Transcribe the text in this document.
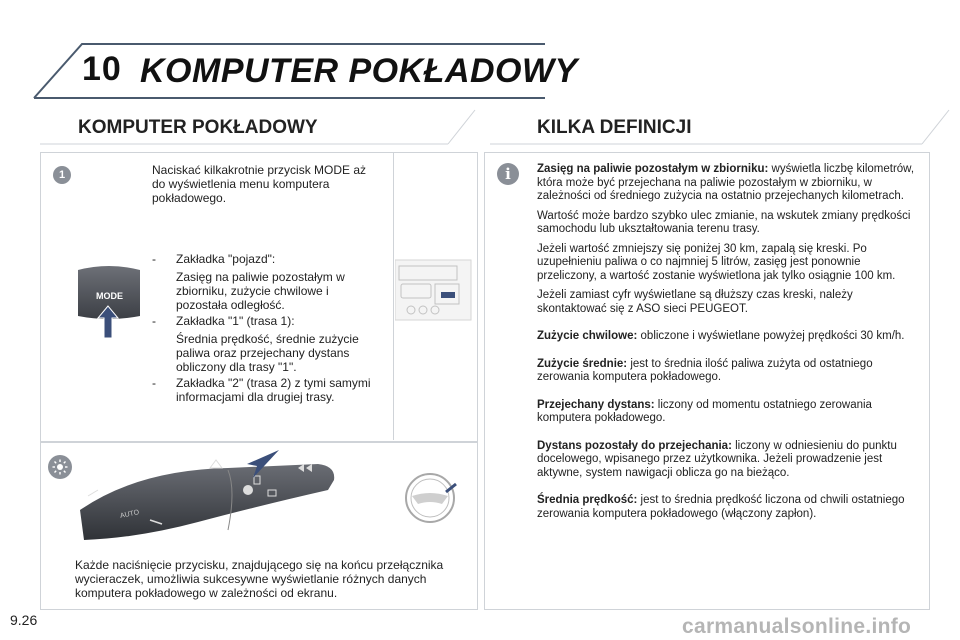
10 KOMPUTER POKŁADOWY
KOMPUTER POKŁADOWY	KILKA DEFINICJI
1	Naciskać kilkakrotnie przycisk MODE aż do wyświetlenia menu komputera pokładowego.
-	Zakładka "pojazd":
Zasięg na paliwie pozostałym w zbiorniku, zużycie chwilowe i pozostała odległość.
-	Zakładka "1" (trasa 1):
Średnia prędkość, średnie zużycie paliwa oraz przejechany dystans obliczony dla trasy "1".
-	Zakładka "2" (trasa 2) z tymi samymi informacjami dla drugiej trasy.
MODE
AUTO
Każde naciśnięcie przycisku, znajdującego się na końcu przełącznika wycieraczek, umożliwia sukcesywne wyświetlanie różnych danych komputera pokładowego w zależności od ekranu.
i	Zasięg na paliwie pozostałym w zbiorniku: wyświetla liczbę kilometrów, która może być przejechana na paliwie pozostałym w zbiorniku, w zależności od średniego zużycia na ostatnio przejechanych kilometrach.

Wartość może bardzo szybko ulec zmianie, na wskutek zmiany prędkości samochodu lub ukształtowania terenu trasy.

Jeżeli wartość zmniejszy się poniżej 30 km, zapalą się kreski. Po uzupełnieniu paliwa o co najmniej 5 litrów, zasięg jest ponownie przeliczony, a wartość zostanie wyświetlona jak tylko osiągnie 100 km.

Jeżeli zamiast cyfr wyświetlane są dłuższy czas kreski, należy skontaktować się z ASO sieci PEUGEOT.

Zużycie chwilowe: obliczone i wyświetlane powyżej prędkości 30 km/h.

Zużycie średnie: jest to średnia ilość paliwa zużyta od ostatniego zerowania komputera pokładowego.

Przejechany dystans: liczony od momentu ostatniego zerowania komputera pokładowego.

Dystans pozostały do przejechania: liczony w odniesieniu do punktu docelowego, wpisanego przez użytkownika. Jeżeli prowadzenie jest aktywne, system nawigacji oblicza go na bieżąco.

Średnia prędkość: jest to średnia prędkość liczona od chwili ostatniego zerowania komputera pokładowego (włączony zapłon).

9.26	carmanualsonline.info
